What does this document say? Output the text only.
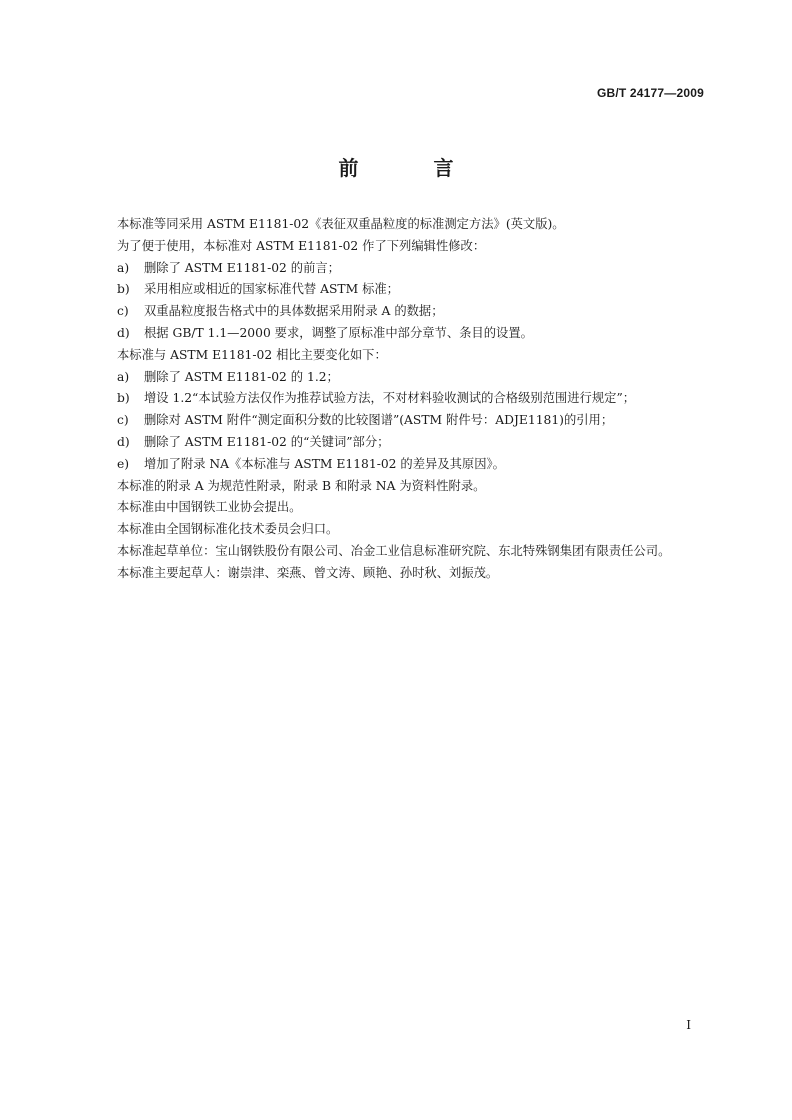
GB/T 24177—2009
前 言

本标准等同采用 ASTM E1181-02《表征双重晶粒度的标准测定方法》(英文版)。

为了便于使用，本标准对 ASTM E1181-02 作了下列编辑性修改：

a)	删除了 ASTM E1181-02 的前言；
b)	采用相应或相近的国家标准代替 ASTM 标准；
c)	双重晶粒度报告格式中的具体数据采用附录 A 的数据；
d)	根据 GB/T 1.1—2000 要求，调整了原标准中部分章节、条目的设置。

本标准与 ASTM E1181-02 相比主要变化如下：

a)	删除了 ASTM E1181-02 的 1.2；
b)	增设 1.2“本试验方法仅作为推荐试验方法，不对材料验收测试的合格级别范围进行规定”；
c)	删除对 ASTM 附件“测定面积分数的比较图谱”(ASTM 附件号：ADJE1181)的引用；
d)	删除了 ASTM E1181-02 的“关键词”部分；
e)	增加了附录 NA《本标准与 ASTM E1181-02 的差异及其原因》。

本标准的附录 A 为规范性附录，附录 B 和附录 NA 为资料性附录。

本标准由中国钢铁工业协会提出。

本标准由全国钢标准化技术委员会归口。

本标准起草单位：宝山钢铁股份有限公司、冶金工业信息标准研究院、东北特殊钢集团有限责任公司。

本标准主要起草人：谢崇津、栾燕、曾文涛、顾艳、孙时秋、刘振茂。

I
